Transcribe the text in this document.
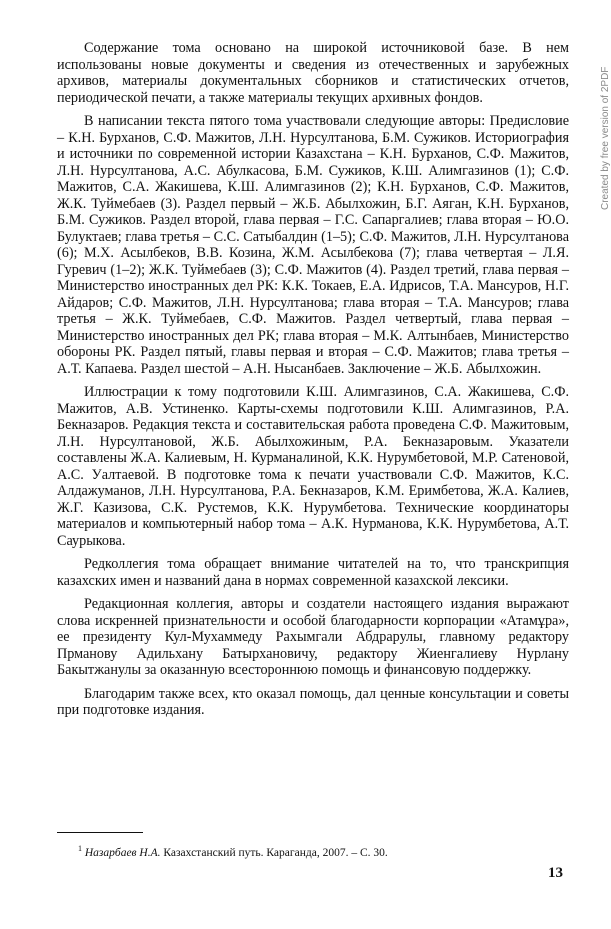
Содержание тома основано на широкой источниковой базе. В нем использованы новые документы и сведения из отечественных и зарубежных архивов, материалы документальных сборников и статистических отчетов, периодической печати, а также материалы текущих архивных фондов.

В написании текста пятого тома участвовали следующие авторы: Предисловие – К.Н. Бурханов, С.Ф. Мажитов, Л.Н. Нурсултанова, Б.М. Сужиков. Историография и источники по современной истории Казахстана – К.Н. Бурханов, С.Ф. Мажитов, Л.Н. Нурсултанова, А.С. Абулкасова, Б.М. Сужиков, К.Ш. Алимгазинов (1); С.Ф. Мажитов, С.А. Жакишева, К.Ш. Алимгазинов (2); К.Н. Бурханов, С.Ф. Мажитов, Ж.К. Туймебаев (3). Раздел первый – Ж.Б. Абылхожин, Б.Г. Аяган, К.Н. Бурханов, Б.М. Сужиков. Раздел второй, глава первая – Г.С. Сапаргалиев; глава вторая – Ю.О. Булуктаев; глава третья – С.С. Сатыбалдин (1–5); С.Ф. Мажитов, Л.Н. Нурсултанова (6); М.Х. Асылбеков, В.В. Козина, Ж.М. Асылбекова (7); глава четвертая – Л.Я. Гуревич (1–2); Ж.К. Туймебаев (3); С.Ф. Мажитов (4). Раздел третий, глава первая – Министерство иностранных дел РК: К.К. Токаев, Е.А. Идрисов, Т.А. Мансуров, Н.Г. Айдаров; С.Ф. Мажитов, Л.Н. Нурсултанова; глава вторая – Т.А. Мансуров; глава третья – Ж.К. Туймебаев, С.Ф. Мажитов. Раздел четвертый, глава первая –Министерство иностранных дел РК; глава вторая – М.К. Алтынбаев, Министерство обороны РК. Раздел пятый, главы первая и вторая – С.Ф. Мажитов; глава третья – А.Т. Капаева. Раздел шестой – А.Н. Нысанбаев. Заключение – Ж.Б. Абылхожин.

Иллюстрации к тому подготовили К.Ш. Алимгазинов, С.А. Жакишева, С.Ф. Мажитов, А.В. Устиненко. Карты-схемы подготовили К.Ш. Алимгазинов, Р.А. Бекназаров. Редакция текста и составительская работа проведена С.Ф. Мажитовым, Л.Н. Нурсултановой, Ж.Б. Абылхожиным, Р.А. Бекназаровым. Указатели составлены Ж.А. Калиевым, Н. Курманалиной, К.К. Нурумбетовой, М.Р. Сатеновой, А.С. Уалтаевой. В подготовке тома к печати участвовали С.Ф. Мажитов, К.С. Алдажуманов, Л.Н. Нурсултанова, Р.А. Бекназаров, К.М. Еримбетова, Ж.А. Калиев, Ж.Г. Казизова, С.К. Рустемов, К.К. Нурумбетова. Технические координаторы материалов и компьютерный набор тома – А.К. Нурманова, К.К. Нурумбетова, А.Т. Саурыкова.

Редколлегия тома обращает внимание читателей на то, что транскрипция казахских имен и названий дана в нормах современной казахской лексики.

Редакционная коллегия, авторы и создатели настоящего издания выражают слова искренней признательности и особой благодарности корпорации «Атамұра», ее президенту Кул-Мухаммеду Рахымгали Абдрарулы, главному редактору Прманову Адильхану Батырхановичу, редактору Жиенгалиеву Нурлану Бакытжанулы за оказанную всестороннюю помощь и финансовую поддержку.

Благодарим также всех, кто оказал помощь, дал ценные консультации и советы при подготовке издания.

$^1$ Назарбаев Н.А. Казахстанский путь. Караганда, 2007. – С. 30.
13
Created by free version of 2PDF
